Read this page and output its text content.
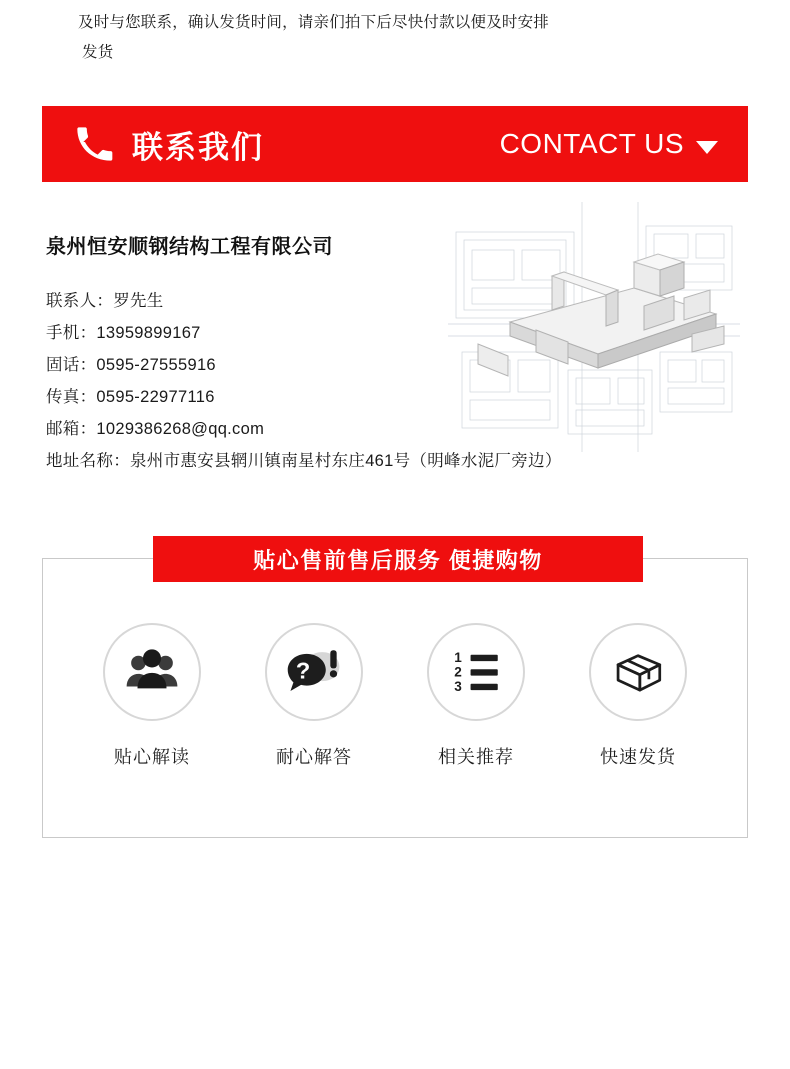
及时与您联系，确认发货时间，请亲们拍下后尽快付款以便及时安排
发货
联系我们	CONTACT US
泉州恒安顺钢结构工程有限公司
联系人：罗先生
手机：13959899167
固话：0595-27555916
传真：0595-22977116
邮箱：1029386268@qq.com
地址名称：泉州市惠安县辋川镇南星村东庄461号（明峰水泥厂旁边）
贴心售前售后服务 便捷购物
贴心解读
?
耐心解答
1
2
3
相关推荐	快速发货
